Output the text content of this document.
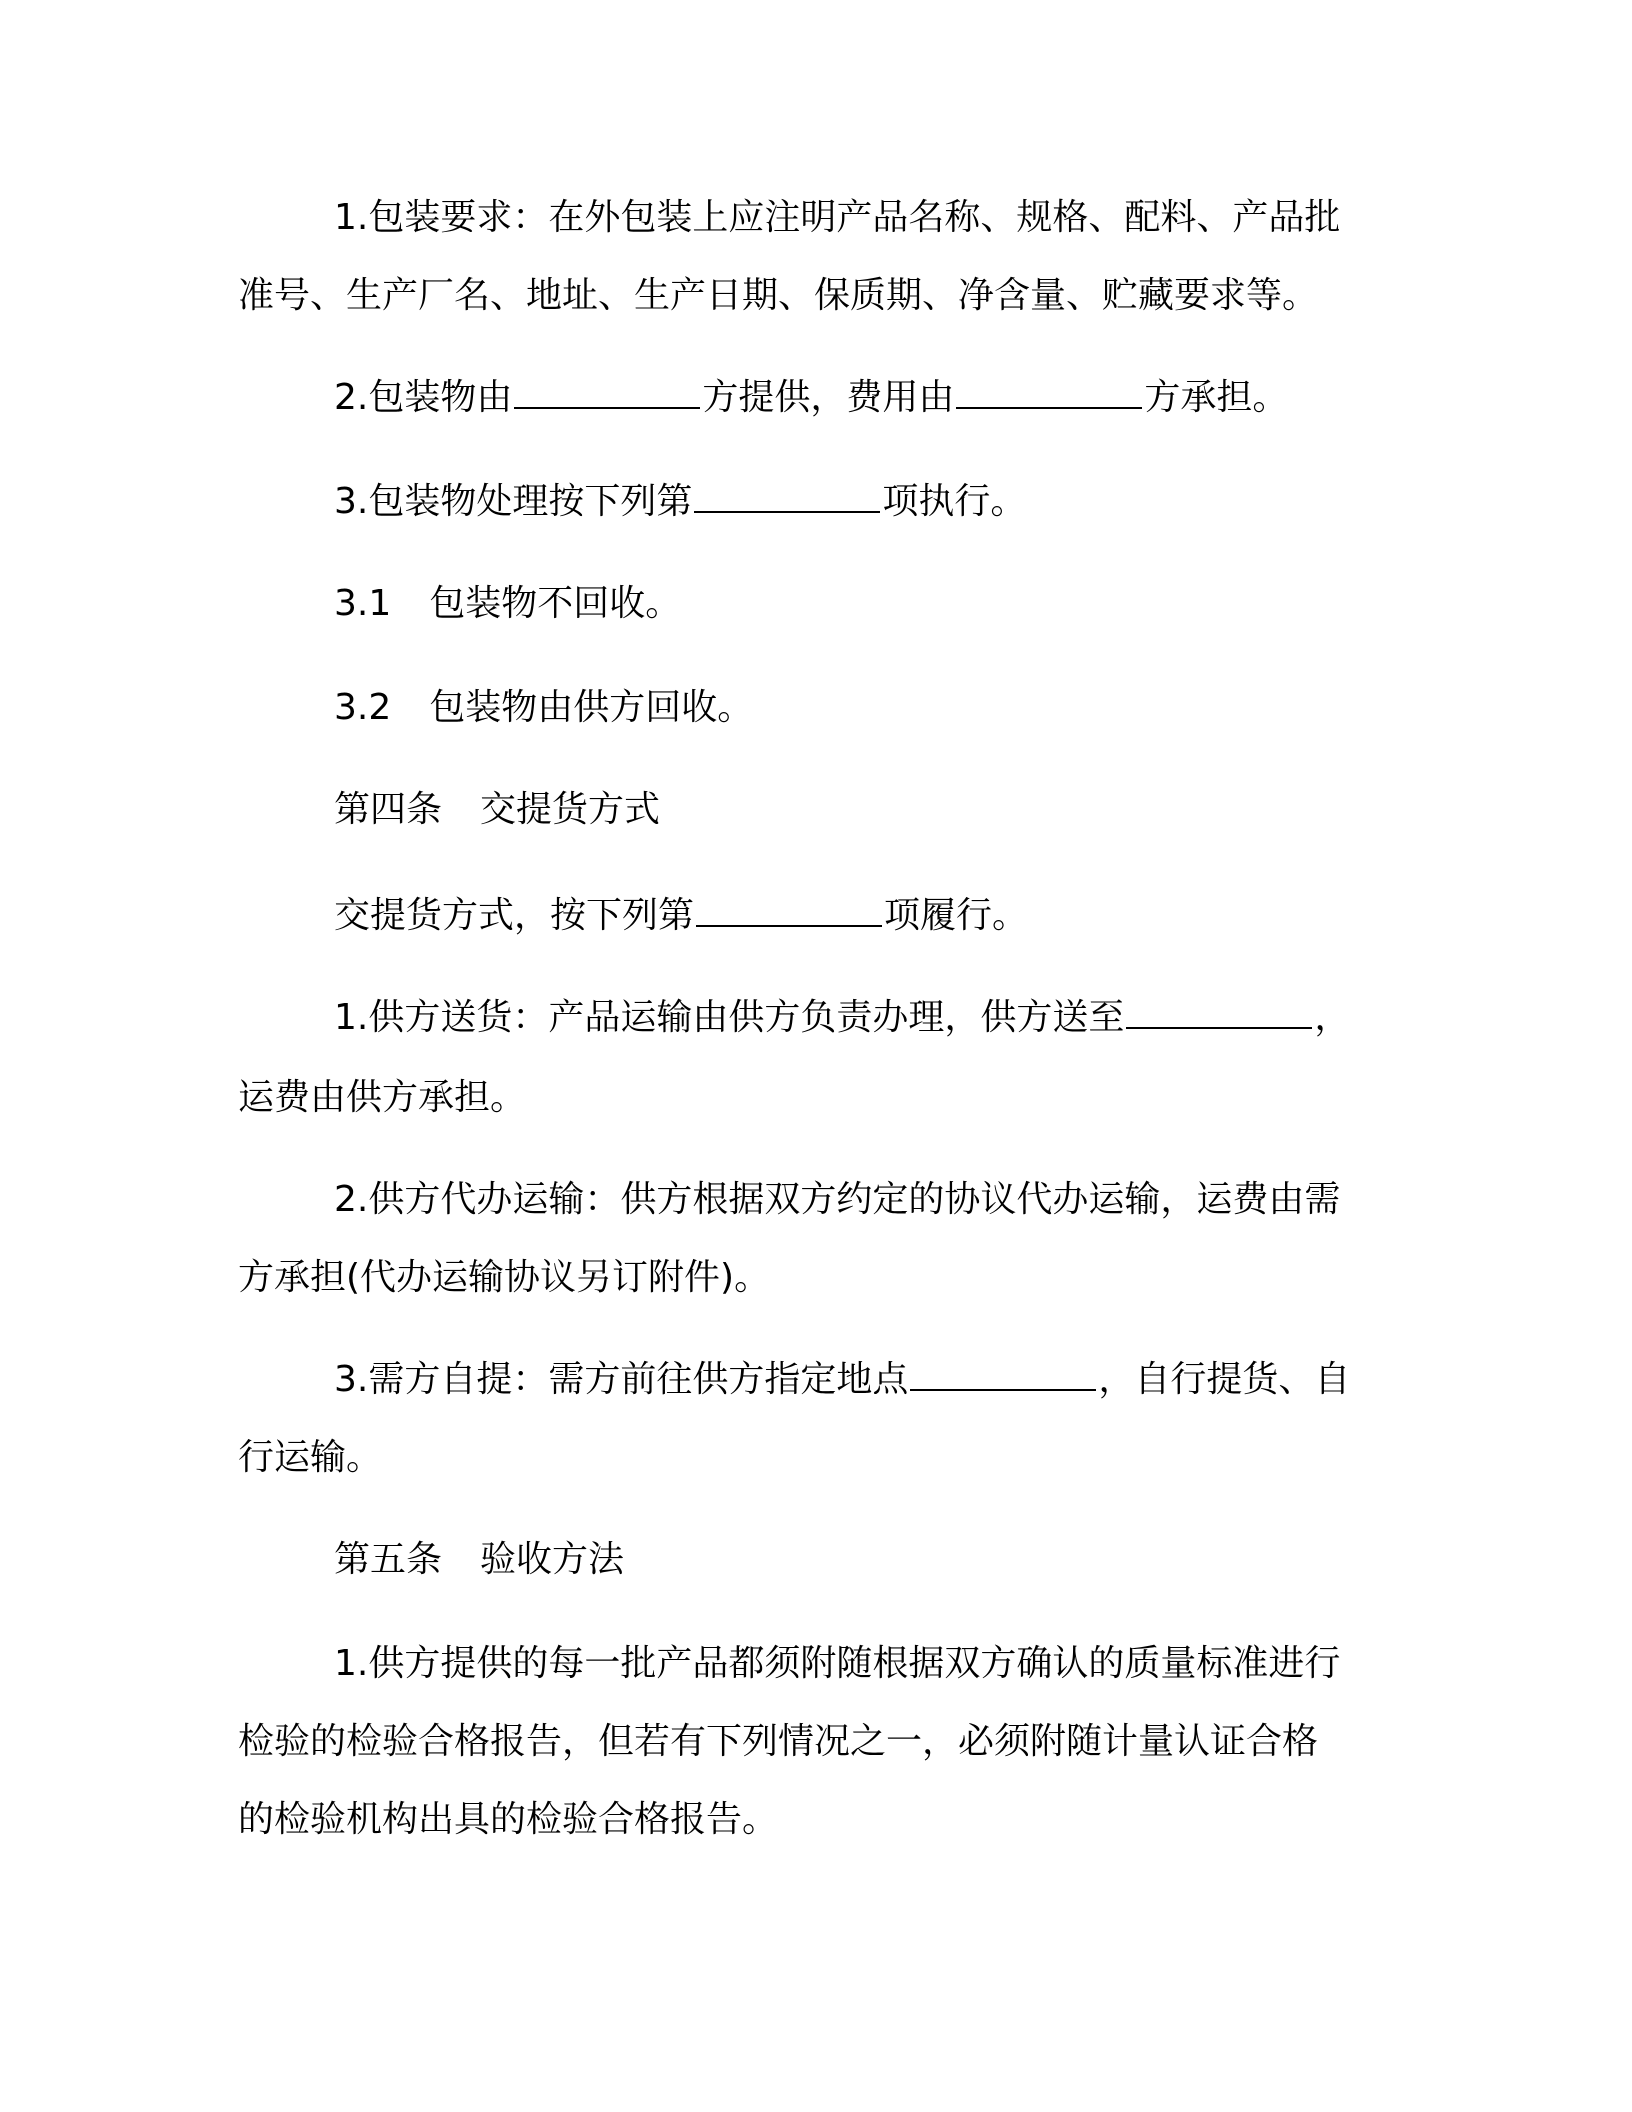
1.包装要求：在外包装上应注明产品名称、规格、配料、产品批

准号、生产厂名、地址、生产日期、保质期、净含量、贮藏要求等。

2.包装物由	方提供，费用由	方承担。

3.包装物处理按下列第	项执行。

3.1 包装物不回收。

3.2 包装物由供方回收。

第四条 交提货方式

交提货方式，按下列第	项履行。

1.供方送货：产品运输由供方负责办理，供方送至	，

运费由供方承担。

2.供方代办运输：供方根据双方约定的协议代办运输，运费由需

方承担(代办运输协议另订附件)。

3.需方自提：需方前往供方指定地点	，自行提货、自

行运输。

第五条 验收方法

1.供方提供的每一批产品都须附随根据双方确认的质量标准进行

检验的检验合格报告，但若有下列情况之一，必须附随计量认证合格

的检验机构出具的检验合格报告。
